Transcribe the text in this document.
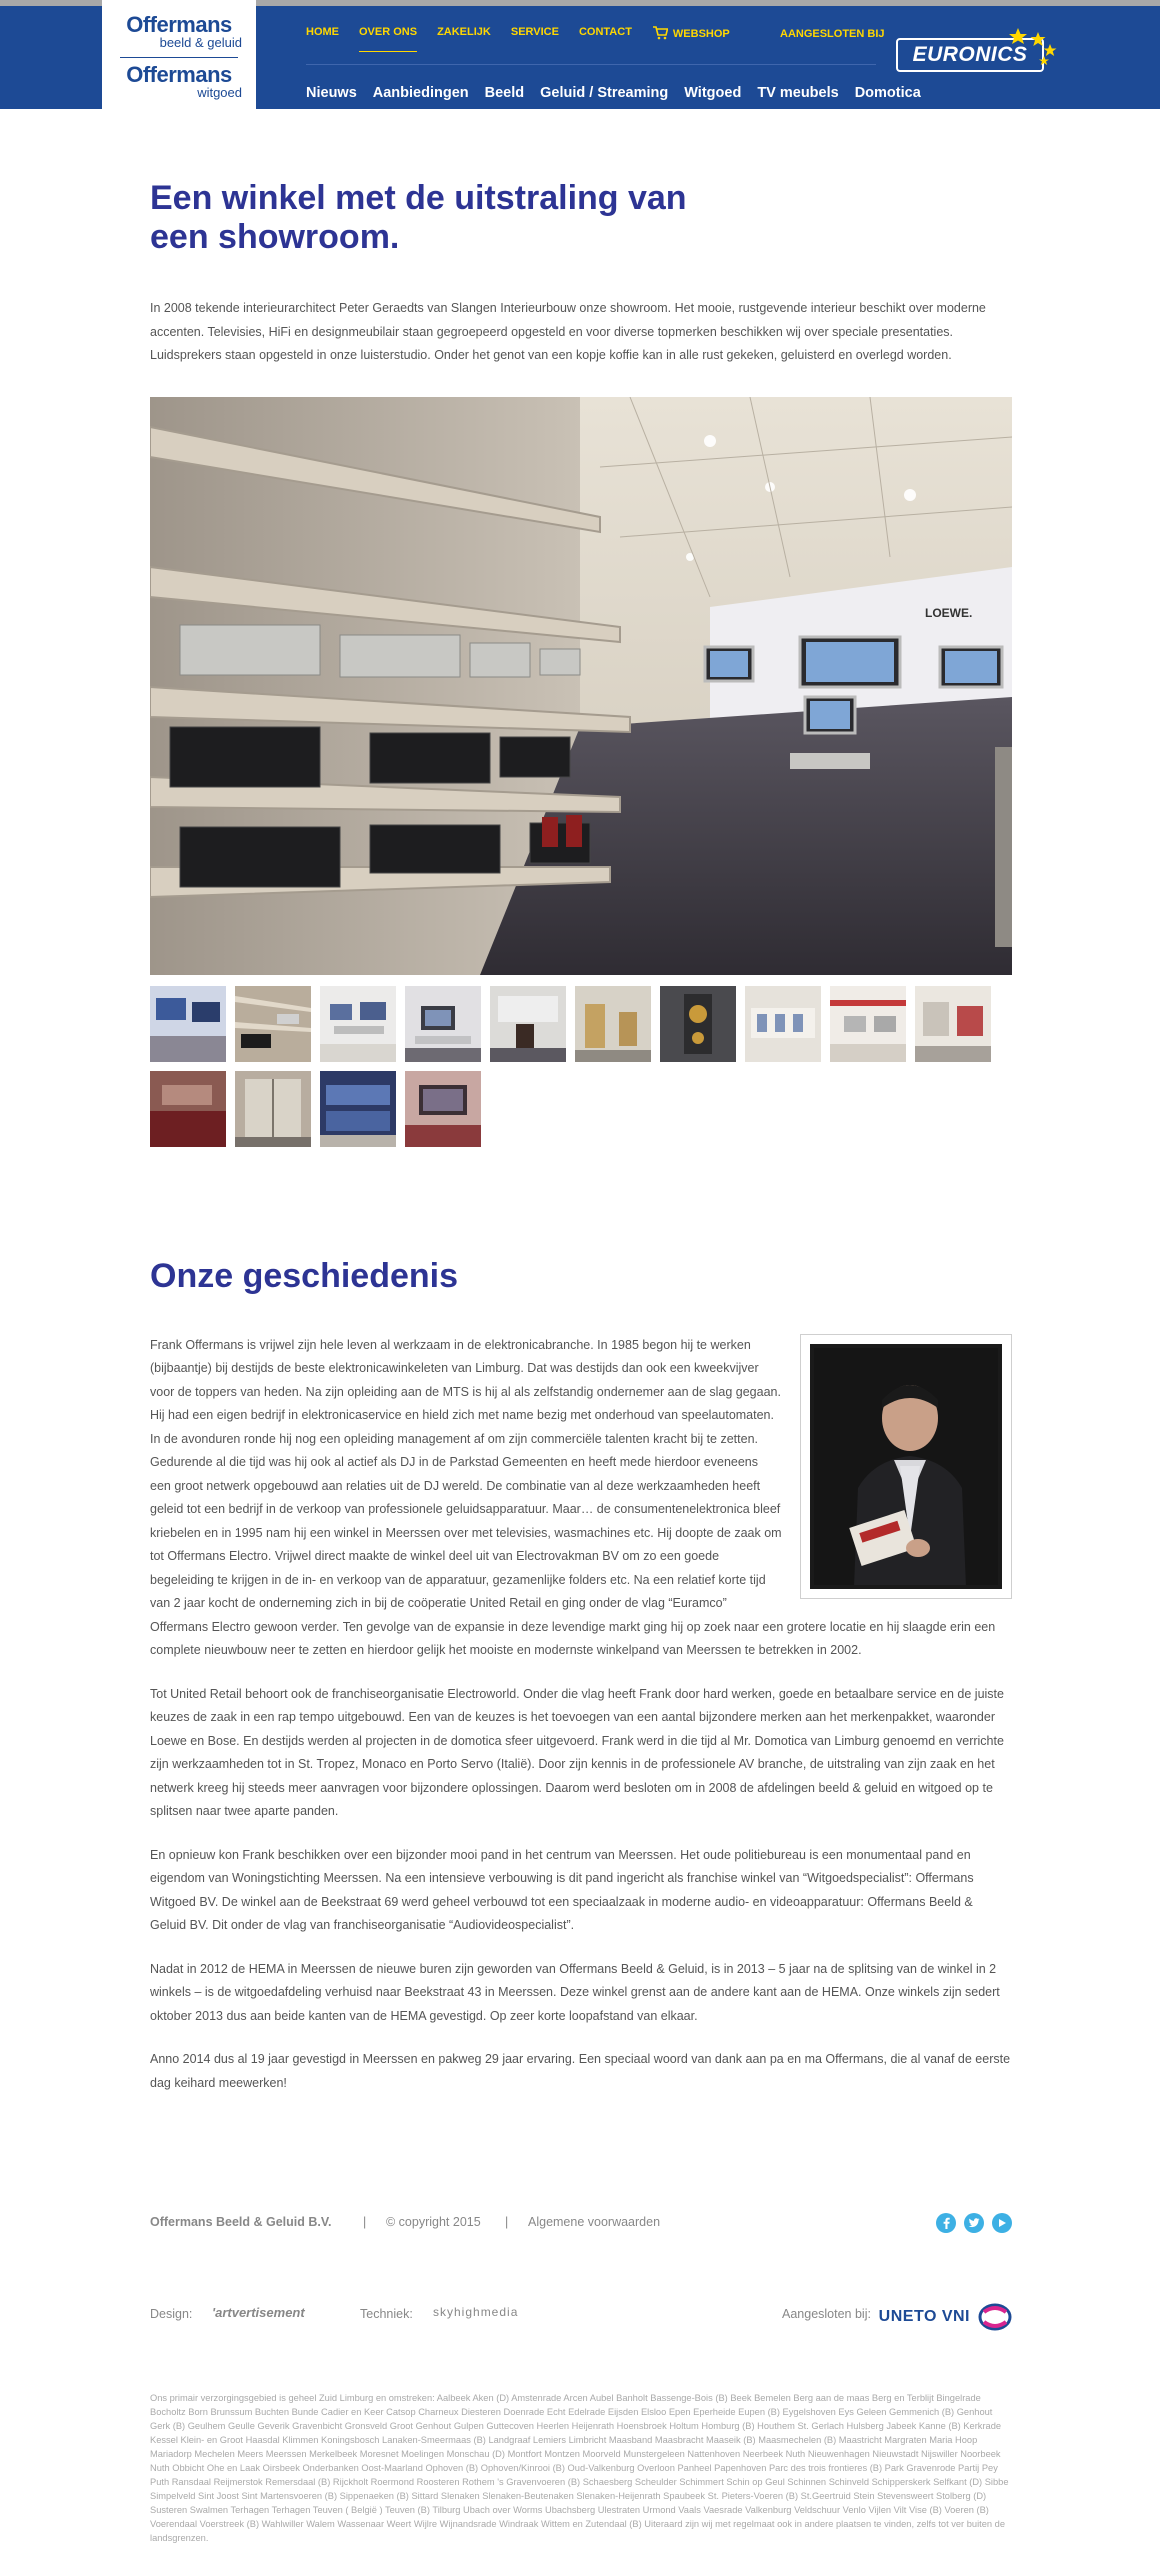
Offermans
beeld & geluid
Offermans
witgoed
HOME OVER ONS ZAKELIJK SERVICE CONTACT	WEBSHOP	AANGESLOTEN BIJ
Nieuws Aanbiedingen Beeld Geluid / Streaming Witgoed TV meubels Domotica
EURONICS
Een winkel met de uitstraling van een showroom.

In 2008 tekende interieurarchitect Peter Geraedts van Slangen Interieurbouw onze showroom. Het mooie, rustgevende interieur beschikt over moderne accenten. Televisies, HiFi en designmeubilair staan gegroepeerd opgesteld en voor diverse topmerken beschikken wij over speciale presentaties. Luidsprekers staan opgesteld in onze luisterstudio. Onder het genot van een kopje koffie kan in alle rust gekeken, geluisterd en overlegd worden.

LOEWE.
Onze geschiedenis

Frank Offermans is vrijwel zijn hele leven al werkzaam in de elektronicabranche. In 1985 begon hij te werken (bijbaantje) bij destijds de beste elektronicawinkeleten van Limburg. Dat was destijds dan ook een kweekvijver voor de toppers van heden. Na zijn opleiding aan de MTS is hij al als zelfstandig ondernemer aan de slag gegaan. Hij had een eigen bedrijf in elektronicaservice en hield zich met name bezig met onderhoud van speelautomaten. In de avonduren ronde hij nog een opleiding management af om zijn commerciële talenten kracht bij te zetten. Gedurende al die tijd was hij ook al actief als DJ in de Parkstad Gemeenten en heeft mede hierdoor eveneens een groot netwerk opgebouwd aan relaties uit de DJ wereld. De combinatie van al deze werkzaamheden heeft geleid tot een bedrijf in de verkoop van professionele geluidsapparatuur. Maar… de consumentenelektronica bleef kriebelen en in 1995 nam hij een winkel in Meerssen over met televisies, wasmachines etc. Hij doopte de zaak om tot Offermans Electro. Vrijwel direct maakte de winkel deel uit van Electrovakman BV om zo een goede begeleiding te krijgen in de in- en verkoop van de apparatuur, gezamenlijke folders etc. Na een relatief korte tijd van 2 jaar kocht de onderneming zich in bij de coöperatie United Retail en ging onder de vlag “Euramco” Offermans Electro gewoon verder. Ten gevolge van de expansie in deze levendige markt ging hij op zoek naar een grotere locatie en hij slaagde erin een complete nieuwbouw neer te zetten en hierdoor gelijk het mooiste en modernste winkelpand van Meerssen te betrekken in 2002.

Tot United Retail behoort ook de franchiseorganisatie Electroworld. Onder die vlag heeft Frank door hard werken, goede en betaalbare service en de juiste keuzes de zaak in een rap tempo uitgebouwd. Een van de keuzes is het toevoegen van een aantal bijzondere merken aan het merkenpakket, waaronder Loewe en Bose. En destijds werden al projecten in de domotica sfeer uitgevoerd. Frank werd in die tijd al Mr. Domotica van Limburg genoemd en verrichte zijn werkzaamheden tot in St. Tropez, Monaco en Porto Servo (Italië). Door zijn kennis in de professionele AV branche, de uitstraling van zijn zaak en het netwerk kreeg hij steeds meer aanvragen voor bijzondere oplossingen. Daarom werd besloten om in 2008 de afdelingen beeld & geluid en witgoed op te splitsen naar twee aparte panden.

En opnieuw kon Frank beschikken over een bijzonder mooi pand in het centrum van Meerssen. Het oude politiebureau is een monumentaal pand en eigendom van Woningstichting Meerssen. Na een intensieve verbouwing is dit pand ingericht als franchise winkel van “Witgoedspecialist”: Offermans Witgoed BV. De winkel aan de Beekstraat 69 werd geheel verbouwd tot een speciaalzaak in moderne audio- en videoapparatuur: Offermans Beeld & Geluid BV. Dit onder de vlag van franchiseorganisatie “Audiovideospecialist”.

Nadat in 2012 de HEMA in Meerssen de nieuwe buren zijn geworden van Offermans Beeld & Geluid, is in 2013 – 5 jaar na de splitsing van de winkel in 2 winkels – is de witgoedafdeling verhuisd naar Beekstraat 43 in Meerssen. Deze winkel grenst aan de andere kant aan de HEMA. Onze winkels zijn sedert oktober 2013 dus aan beide kanten van de HEMA gevestigd. Op zeer korte loopafstand van elkaar.

Anno 2014 dus al 19 jaar gevestigd in Meerssen en pakweg 29 jaar ervaring. Een speciaal woord van dank aan pa en ma Offermans, die al vanaf de eerste dag keihard meewerken!

Offermans Beeld & Geluid B.V.	| © copyright 2015 | Algemene voorwaarden
Design: 'artvertisement	Techniek: skyhighmedia	Aangesloten bij: UNETO VNI

Ons primair verzorgingsgebied is geheel Zuid Limburg en omstreken: Aalbeek Aken (D) Amstenrade Arcen Aubel Banholt Bassenge-Bois (B) Beek Bemelen Berg aan de maas Berg en Terblijt Bingelrade Bocholtz Born Brunssum Buchten Bunde Cadier en Keer Catsop Charneux Diesteren Doenrade Echt Edelrade Eijsden Elsloo Epen Eperheide Eupen (B) Eygelshoven Eys Geleen Gemmenich (B) Genhout Gerk (B) Geulhem Geulle Geverik Gravenbicht Gronsveld Groot Genhout Gulpen Guttecoven Heerlen Heijenrath Hoensbroek Holtum Homburg (B) Houthem St. Gerlach Hulsberg Jabeek Kanne (B) Kerkrade Kessel Klein- en Groot Haasdal Klimmen Koningsbosch Lanaken-Smeermaas (B) Landgraaf Lemiers Limbricht Maasband Maasbracht Maaseik (B) Maasmechelen (B) Maastricht Margraten Maria Hoop Mariadorp Mechelen Meers Meerssen Merkelbeek Moresnet Moelingen Monschau (D) Montfort Montzen Moorveld Munstergeleen Nattenhoven Neerbeek Nuth Nieuwenhagen Nieuwstadt Nijswiller Noorbeek Nuth Obbicht Ohe en Laak Oirsbeek Onderbanken Oost-Maarland Ophoven (B) Ophoven/Kinrooi (B) Oud-Valkenburg Overloon Panheel Papenhoven Parc des trois frontieres (B) Park Gravenrode Partij Pey Puth Ransdaal Reijmerstok Remersdaal (B) Rijckholt Roermond Roosteren Rothem 's Gravenvoeren (B) Schaesberg Scheulder Schimmert Schin op Geul Schinnen Schinveld Schipperskerk Selfkant (D) Sibbe Simpelveld Sint Joost Sint Martensvoeren (B) Sippenaeken (B) Sittard Slenaken Slenaken-Beutenaken Slenaken-Heijenrath Spaubeek St. Pieters-Voeren (B) St.Geertruid Stein Stevensweert Stolberg (D) Susteren Swalmen Terhagen Terhagen Teuven ( België ) Teuven (B) Tilburg Ubach over Worms Ubachsberg Ulestraten Urmond Vaals Vaesrade Valkenburg Veldschuur Venlo Vijlen Vilt Vise (B) Voeren (B) Voerendaal Voerstreek (B) Wahlwiller Walem Wassenaar Weert Wijlre Wijnandsrade Windraak Wittem en Zutendaal (B) Uiteraard zijn wij met regelmaat ook in andere plaatsen te vinden, zelfs tot ver buiten de landsgrenzen.
